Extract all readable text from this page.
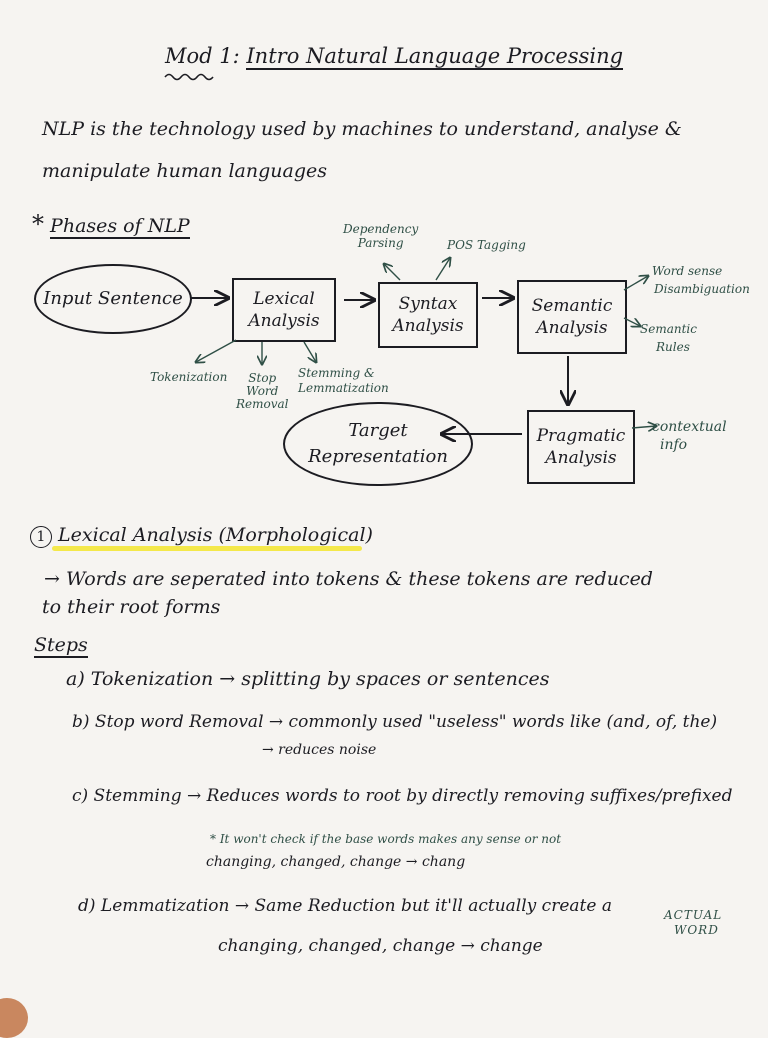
Mod 1: Intro Natural Language Processing
NLP is the technology used by machines to understand, analyse &
manipulate human languages
* Phases of NLP
Input Sentence	Lexical
Analysis
Syntax
Analysis
Semantic
Analysis
Pragmatic
Analysis
Target
Representation
Dependency
Parsing	POS Tagging
Word sense
Disambiguation
Semantic
Rules
contextual
info
Tokenization	Stop
Word
Removal
Stemming &
Lemmatization
1 Lexical Analysis (Morphological)
→ Words are seperated into tokens & these tokens are reduced
to their root forms
Steps
a) Tokenization → splitting by spaces or sentences
b) Stop word Removal → commonly used "useless" words like (and, of, the)
→ reduces noise
c) Stemming → Reduces words to root by directly removing suffixes/prefixed
* It won't check if the base words makes any sense or not
changing, changed, change → chang
d) Lemmatization → Same Reduction but it'll actually create a	ACTUAL
WORD
changing, changed, change → change
